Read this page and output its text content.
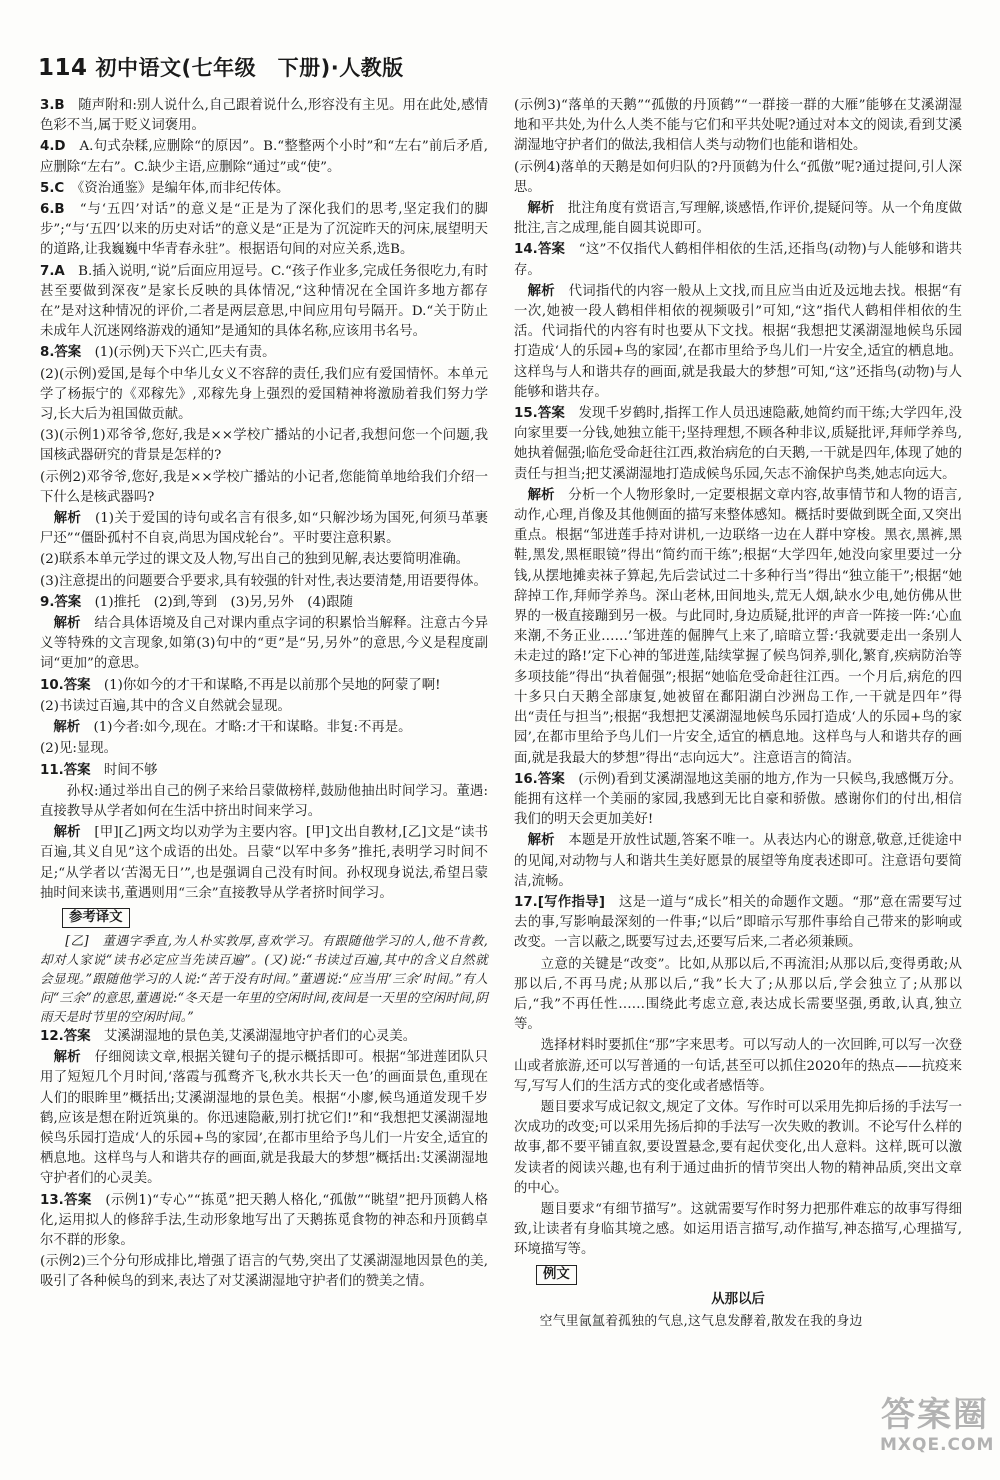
114 初中语文(七年级　下册)·人教版
3.B　随声附和:别人说什么,自己跟着说什么,形容没有主见。用在此处,感情色彩不当,属于贬义词褒用。
4.D　A.句式杂糅,应删除“的原因”。B.“整整两个小时”和“左右”前后矛盾,应删除“左右”。C.缺少主语,应删除“通过”或“使”。
5.C　《资治通鉴》是编年体,而非纪传体。
6.B　“与‘五四’对话”的意义是“正是为了深化我们的思考,坚定我们的脚步”;“与‘五四’以来的历史对话”的意义是“正是为了沉淀昨天的河床,展望明天的道路,让我巍巍中华青春永驻”。根据语句间的对应关系,选B。
7.A　B.插入说明,“说”后面应用逗号。C.“孩子作业多,完成任务很吃力,有时甚至要做到深夜”是家长反映的具体情况,“这种情况在全国许多地方都存在”是对这种情况的评价,二者是两层意思,中间应用句号隔开。D.“关于防止未成年人沉迷网络游戏的通知”是通知的具体名称,应该用书名号。
8.答案　(1)(示例)天下兴亡,匹夫有责。
(2)(示例)爱国,是每个中华儿女义不容辞的责任,我们应有爱国情怀。本单元学了杨振宁的《邓稼先》,邓稼先身上强烈的爱国精神将激励着我们努力学习,长大后为祖国做贡献。
(3)(示例1)邓爷爷,您好,我是××学校广播站的小记者,我想问您一个问题,我国核武器研究的背景是怎样的?
(示例2)邓爷爷,您好,我是××学校广播站的小记者,您能简单地给我们介绍一下什么是核武器吗?
　解析　(1)关于爱国的诗句或名言有很多,如“只解沙场为国死,何须马革裹尸还”“僵卧孤村不自哀,尚思为国戍轮台”。平时要注意积累。
(2)联系本单元学过的课文及人物,写出自己的独到见解,表达要简明准确。
(3)注意提出的问题要合乎要求,具有较强的针对性,表达要清楚,用语要得体。
9.答案　(1)推托　(2)到,等到　(3)另,另外　(4)跟随
　解析　结合具体语境及自己对课内重点字词的积累恰当解释。注意古今异义等特殊的文言现象,如第(3)句中的“更”是“另,另外”的意思,今义是程度副词“更加”的意思。
10.答案　(1)你如今的才干和谋略,不再是以前那个吴地的阿蒙了啊!
(2)书读过百遍,其中的含义自然就会显现。
　解析　(1)今者:如今,现在。才略:才干和谋略。非复:不再是。
(2)见:显现。
11.答案　时间不够
孙权:通过举出自己的例子来给吕蒙做榜样,鼓励他抽出时间学习。董遇:直接教导从学者如何在生活中挤出时间来学习。
　解析　[甲][乙]两文均以劝学为主要内容。[甲]文出自教材,[乙]文是“读书百遍,其义自见”这个成语的出处。吕蒙“以军中多务”推托,表明学习时间不足;“从学者以‘苦渴无日’”,也是强调自己没有时间。孙权现身说法,希望吕蒙抽时间来读书,董遇则用“三余”直接教导从学者挤时间学习。
参考译文
[乙]　董遇字季直,为人朴实敦厚,喜欢学习。有跟随他学习的人,他不肯教,却对人家说“读书必定应当先读百遍”。(又)说:“书读过百遍,其中的含义自然就会显现。”跟随他学习的人说:“苦于没有时间。”董遇说:“应当用‘三余’时间。”有人问“三余”的意思,董遇说:“冬天是一年里的空闲时间,夜间是一天里的空闲时间,阴雨天是时节里的空闲时间。”
12.答案　艾溪湖湿地的景色美,艾溪湖湿地守护者们的心灵美。
　解析　仔细阅读文章,根据关键句子的提示概括即可。根据“邹进莲团队只用了短短几个月时间,‘落霞与孤鹜齐飞,秋水共长天一色’的画面景色,重现在人们的眼眸里”概括出;艾溪湖湿地的景色美。根据“小廖,候鸟通道发现千岁鹤,应该是想在附近筑巢的。你迅速隐蔽,别打扰它们!”和“我想把艾溪湖湿地候鸟乐园打造成‘人的乐园+鸟的家园’,在都市里给予鸟儿们一片安全,适宜的栖息地。这样鸟与人和谐共存的画面,就是我最大的梦想”概括出:艾溪湖湿地守护者们的心灵美。
13.答案　(示例1)“专心”“拣觅”把天鹅人格化,“孤傲”“眺望”把丹顶鹤人格化,运用拟人的修辞手法,生动形象地写出了天鹅拣觅食物的神态和丹顶鹤卓尔不群的形象。
(示例2)三个分句形成排比,增强了语言的气势,突出了艾溪湖湿地因景色的美,吸引了各种候鸟的到来,表达了对艾溪湖湿地守护者们的赞美之情。
(示例3)“落单的天鹅”“孤傲的丹顶鹤”“一群接一群的大雁”能够在艾溪湖湿地和平共处,为什么人类不能与它们和平共处呢?通过对本文的阅读,看到艾溪湖湿地守护者们的做法,我相信人类与动物们也能和谐相处。
(示例4)落单的天鹅是如何归队的?丹顶鹤为什么“孤傲”呢?通过提问,引人深思。
　解析　批注角度有赏语言,写理解,谈感悟,作评价,提疑问等。从一个角度做批注,言之成理,能自圆其说即可。
14.答案　“这”不仅指代人鹤相伴相依的生活,还指鸟(动物)与人能够和谐共存。
　解析　代词指代的内容一般从上文找,而且应当由近及远地去找。根据“有一次,她被一段人鹤相伴相依的视频吸引”可知,“这”指代人鹤相伴相依的生活。代词指代的内容有时也要从下文找。根据“我想把艾溪湖湿地候鸟乐园打造成‘人的乐园+鸟的家园’,在都市里给予鸟儿们一片安全,适宜的栖息地。这样鸟与人和谐共存的画面,就是我最大的梦想”可知,“这”还指鸟(动物)与人能够和谐共存。
15.答案　发现千岁鹤时,指挥工作人员迅速隐蔽,她简约而干练;大学四年,没向家里要一分钱,她独立能干;坚持理想,不顾各种非议,质疑批评,拜师学养鸟,她执着倔强;临危受命赶往江西,救治病危的白天鹅,一干就是四年,体现了她的责任与担当;把艾溪湖湿地打造成候鸟乐园,矢志不渝保护鸟类,她志向远大。
　解析　分析一个人物形象时,一定要根据文章内容,故事情节和人物的语言,动作,心理,肖像及其他侧面的描写来整体感知。概括时要做到既全面,又突出重点。根据“邹进莲手持对讲机,一边联络一边在人群中穿梭。黑衣,黑裤,黑鞋,黑发,黑框眼镜”得出“简约而干练”;根据“大学四年,她没向家里要过一分钱,从摆地摊卖袜子算起,先后尝试过二十多种行当”得出“独立能干”;根据“她辞掉工作,拜师学养鸟。深山老林,田间地头,荒无人烟,缺水少电,她仿佛从世界的一极直接蹦到另一极。与此同时,身边质疑,批评的声音一阵接一阵:‘心血来潮,不务正业……’邹进莲的倔脾气上来了,暗暗立誓:‘我就要走出一条别人未走过的路!’定下心神的邹进莲,陆续掌握了候鸟饲养,驯化,繁育,疾病防治等多项技能”得出“执着倔强”;根据“她临危受命赶往江西。一个月后,病危的四十多只白天鹅全部康复,她被留在鄱阳湖白沙洲岛工作,一干就是四年”得出“责任与担当”;根据“我想把艾溪湖湿地候鸟乐园打造成‘人的乐园+鸟的家园’,在都市里给予鸟儿们一片安全,适宜的栖息地。这样鸟与人和谐共存的画面,就是我最大的梦想”得出“志向远大”。注意语言的简洁。
16.答案　(示例)看到艾溪湖湿地这美丽的地方,作为一只候鸟,我感慨万分。能拥有这样一个美丽的家园,我感到无比自豪和骄傲。感谢你们的付出,相信我们的明天会更加美好!
　解析　本题是开放性试题,答案不唯一。从表达内心的谢意,敬意,迁徙途中的见闻,对动物与人和谐共生美好愿景的展望等角度表述即可。注意语句要简洁,流畅。
17.[写作指导]　这是一道与“成长”相关的命题作文题。“那”意在需要写过去的事,写影响最深刻的一件事;“以后”即暗示写那件事给自己带来的影响或改变。一言以蔽之,既要写过去,还要写后来,二者必须兼顾。
立意的关键是“改变”。比如,从那以后,不再流泪;从那以后,变得勇敢;从那以后,不再马虎;从那以后,“我”长大了;从那以后,学会独立了;从那以后,“我”不再任性……围绕此考虑立意,表达成长需要坚强,勇敢,认真,独立等。
选择材料时要抓住“那”字来思考。可以写动人的一次回眸,可以写一次登山或者旅游,还可以写普通的一句话,甚至可以抓住2020年的热点——抗疫来写,写写人们的生活方式的变化或者感悟等。
题目要求写成记叙文,规定了文体。写作时可以采用先抑后扬的手法写一次成功的改变;可以采用先扬后抑的手法写一次失败的教训。不论写什么样的故事,都不要平铺直叙,要设置悬念,要有起伏变化,出人意料。这样,既可以激发读者的阅读兴趣,也有利于通过曲折的情节突出人物的精神品质,突出文章的中心。
题目要求“有细节描写”。这就需要写作时努力把那件难忘的故事写得细致,让读者有身临其境之感。如运用语言描写,动作描写,神态描写,心理描写,环境描写等。
例文
从那以后
空气里氤氲着孤独的气息,这气息发酵着,散发在我的身边
答案圈
MXQE.COM
